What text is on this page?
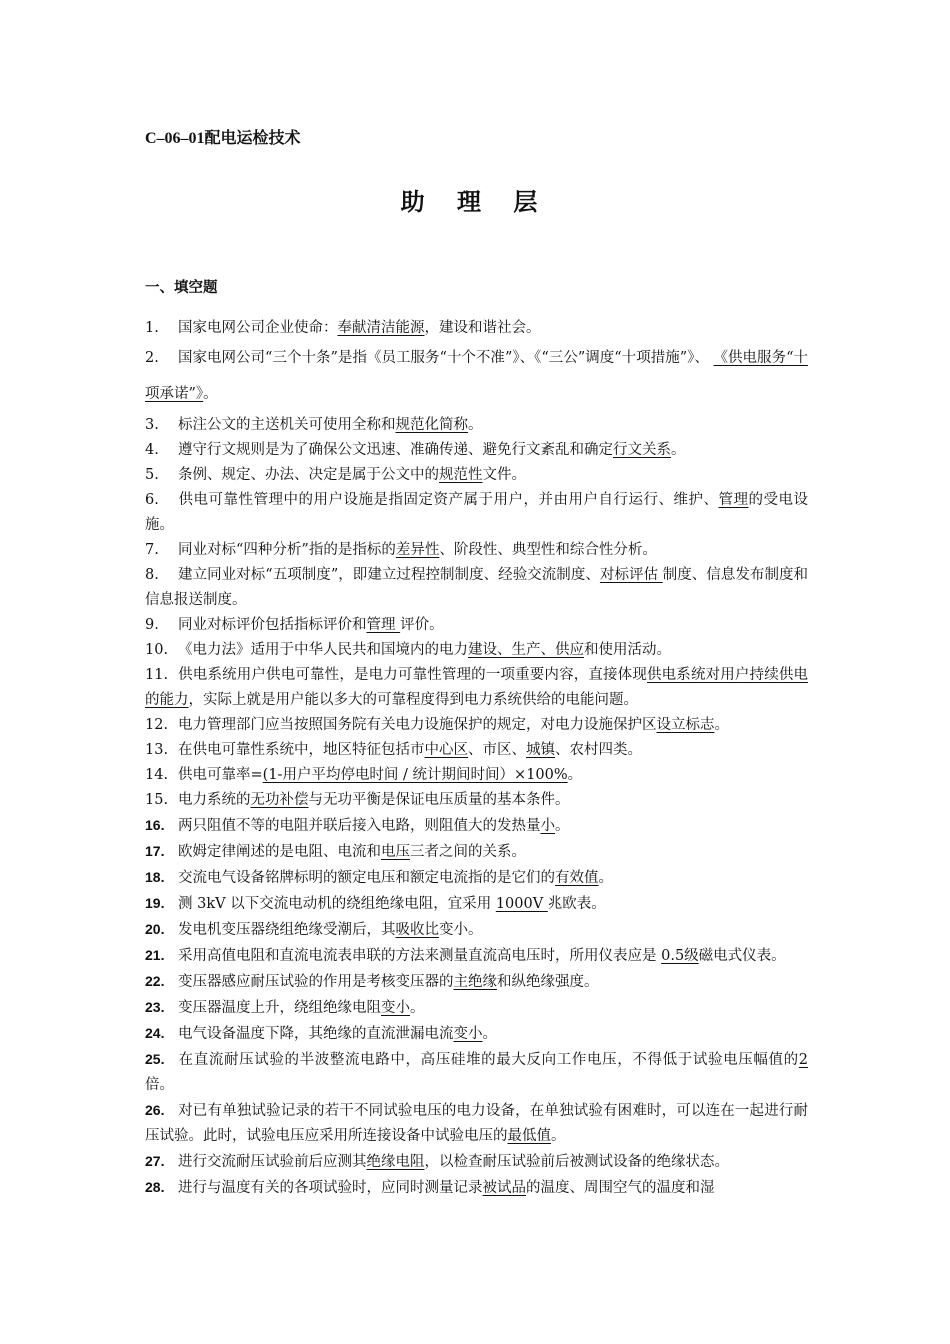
C–06–01配电运检技术
助 理 层
一、填空题
1. 国家电网公司企业使命：奉献清洁能源，建设和谐社会。
2. 国家电网公司“三个十条”是指《员工服务“十个不准”》、《“三公”调度“十项措施”》、 《供电服务“十项承诺”》。
3. 标注公文的主送机关可使用全称和规范化简称。
4. 遵守行文规则是为了确保公文迅速、准确传递、避免行文紊乱和确定行文关系。
5. 条例、规定、办法、决定是属于公文中的规范性文件。
6. 供电可靠性管理中的用户设施是指固定资产属于用户，并由用户自行运行、维护、管理的受电设施。
7. 同业对标“四种分析”指的是指标的差异性、阶段性、典型性和综合性分析。
8. 建立同业对标“五项制度”，即建立过程控制制度、经验交流制度、对标评估 制度、信息发布制度和信息报送制度。
9. 同业对标评价包括指标评价和管理 评价。
10. 《电力法》适用于中华人民共和国境内的电力建设、生产、供应和使用活动。
11. 供电系统用户供电可靠性，是电力可靠性管理的一项重要内容，直接体现供电系统对用户持续供电的能力，实际上就是用户能以多大的可靠程度得到电力系统供给的电能问题。
12. 电力管理部门应当按照国务院有关电力设施保护的规定，对电力设施保护区设立标志。
13. 在供电可靠性系统中，地区特征包括市中心区、市区、城镇、农村四类。
14. 供电可靠率=(1-用户平均停电时间 / 统计期间时间）×100%。
15. 电力系统的无功补偿与无功平衡是保证电压质量的基本条件。
16. 两只阻值不等的电阻并联后接入电路，则阻值大的发热量小。
17. 欧姆定律阐述的是电阻、电流和电压三者之间的关系。
18. 交流电气设备铭牌标明的额定电压和额定电流指的是它们的有效值。
19. 测 3kV 以下交流电动机的绕组绝缘电阻，宜采用 1000V 兆欧表。
20. 发电机变压器绕组绝缘受潮后，其吸收比变小。
21. 采用高值电阻和直流电流表串联的方法来测量直流高电压时，所用仪表应是 0.5级磁电式仪表。
22. 变压器感应耐压试验的作用是考核变压器的主绝缘和纵绝缘强度。
23. 变压器温度上升，绕组绝缘电阻变小。
24. 电气设备温度下降，其绝缘的直流泄漏电流变小。
25. 在直流耐压试验的半波整流电路中，高压硅堆的最大反向工作电压，不得低于试验电压幅值的2倍。
26. 对已有单独试验记录的若干不同试验电压的电力设备，在单独试验有困难时，可以连在一起进行耐压试验。此时，试验电压应采用所连接设备中试验电压的最低值。
27. 进行交流耐压试验前后应测其绝缘电阻，以检查耐压试验前后被测试设备的绝缘状态。
28. 进行与温度有关的各项试验时，应同时测量记录被试品的温度、周围空气的温度和湿
